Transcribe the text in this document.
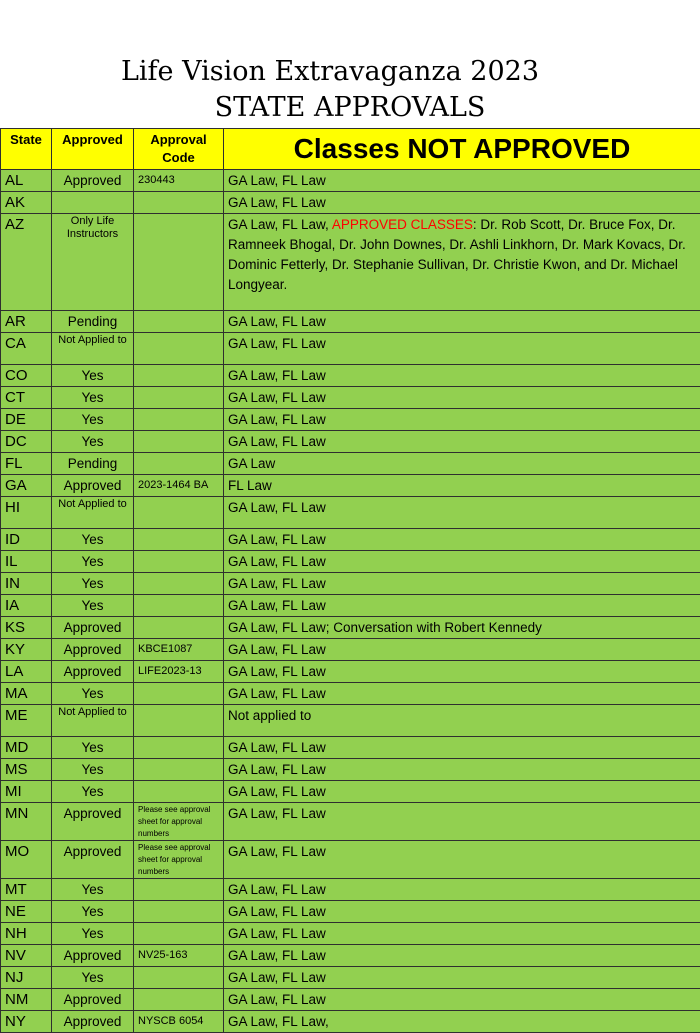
Life Vision Extravaganza 2023
STATE APPROVALS
State	Approved	Approval Code	Classes NOT APPROVED
AL	Approved	230443	GA Law, FL Law
AK			GA Law, FL Law
AZ	Only Life Instructors		GA Law, FL Law, APPROVED CLASSES: Dr. Rob Scott, Dr. Bruce Fox, Dr. Ramneek Bhogal, Dr. John Downes, Dr. Ashli Linkhorn, Dr. Mark Kovacs, Dr. Dominic Fetterly, Dr. Stephanie Sullivan, Dr. Christie Kwon, and Dr. Michael Longyear.
AR	Pending		GA Law, FL Law
CA	Not Applied to		GA Law, FL Law
CO	Yes		GA Law, FL Law
CT	Yes		GA Law, FL Law
DE	Yes		GA Law, FL Law
DC	Yes		GA Law, FL Law
FL	Pending		GA Law
GA	Approved	2023-1464 BA	FL Law
HI	Not Applied to		GA Law, FL Law
ID	Yes		GA Law, FL Law
IL	Yes		GA Law, FL Law
IN	Yes		GA Law, FL Law
IA	Yes		GA Law, FL Law
KS	Approved		GA Law, FL Law; Conversation with Robert Kennedy
KY	Approved	KBCE1087	GA Law, FL Law
LA	Approved	LIFE2023-13	GA Law, FL Law
MA	Yes		GA Law, FL Law
ME	Not Applied to		Not applied to
MD	Yes		GA Law, FL Law
MS	Yes		GA Law, FL Law
MI	Yes		GA Law, FL Law
MN	Approved	Please see approval sheet for approval numbers	GA Law, FL Law
MO	Approved	Please see approval sheet for approval numbers	GA Law, FL Law
MT	Yes		GA Law, FL Law
NE	Yes		GA Law, FL Law
NH	Yes		GA Law, FL Law
NV	Approved	NV25-163	GA Law, FL Law
NJ	Yes		GA Law, FL Law
NM	Approved		GA Law, FL Law
NY	Approved	NYSCB 6054	GA Law, FL Law,
